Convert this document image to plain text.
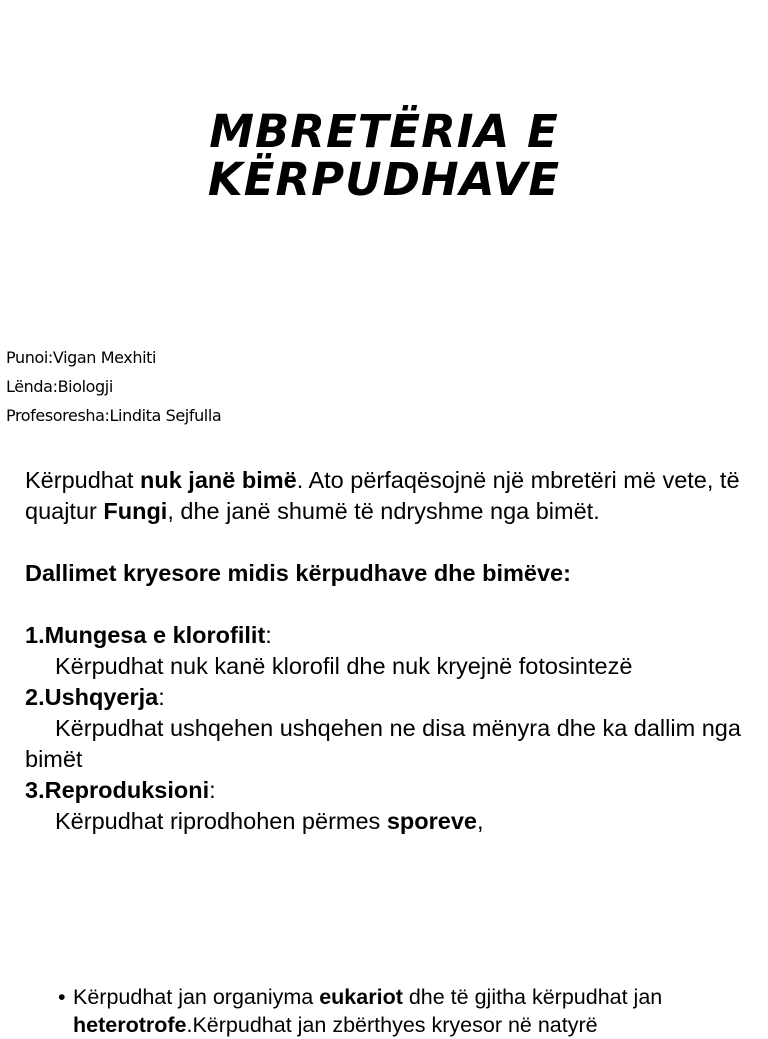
MBRETËRIA E
KËRPUDHAVE
Punoi:Vigan Mexhiti
Lënda:Biologji
Profesoresha:Lindita Sejfulla

Kërpudhat nuk janë bimë. Ato përfaqësojnë një mbretëri më vete, të quajtur Fungi, dhe janë shumë të ndryshme nga bimët.

Dallimet kryesore midis kërpudhave dhe bimëve:

1.Mungesa e klorofilit:

Kërpudhat nuk kanë klorofil dhe nuk kryejnë fotosintezë

2.Ushqyerja:

Kërpudhat ushqehen ushqehen ne disa mënyra dhe ka dallim nga bimët

3.Reproduksioni:

Kërpudhat riprodhohen përmes sporeve,

• Kërpudhat jan organiyma eukariot dhe të gjitha kërpudhat jan heterotrofe.Kërpudhat jan zbërthyes kryesor në natyrë
